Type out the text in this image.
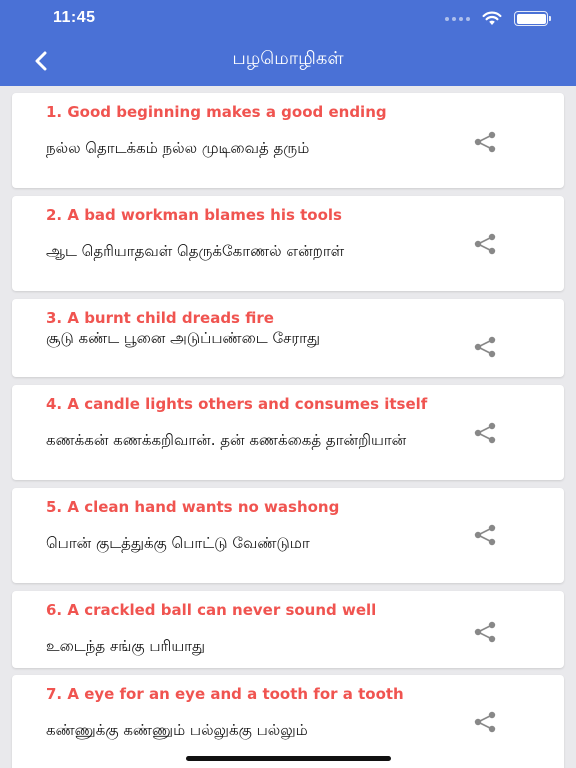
11:45
பழமொழிகள்
1. Good beginning makes a good ending
நல்ல தொடக்கம் நல்ல முடிவைத் தரும்
2. A bad workman blames his tools
ஆட தெரியாதவள் தெருக்கோணல் என்றாள்
3. A burnt child dreads fire
சூடு கண்ட பூனை அடுப்பண்டை சேராது
4. A candle lights others and consumes itself
கணக்கன் கணக்கறிவான். தன் கணக்கைத் தான்றியான்
5. A clean hand wants no washong
பொன் குடத்துக்கு பொட்டு வேண்டுமா
6. A crackled ball can never sound well
உடைந்த சங்கு பரியாது
7. A eye for an eye and a tooth for a tooth
கண்ணுக்கு கண்ணும் பல்லுக்கு பல்லும்
